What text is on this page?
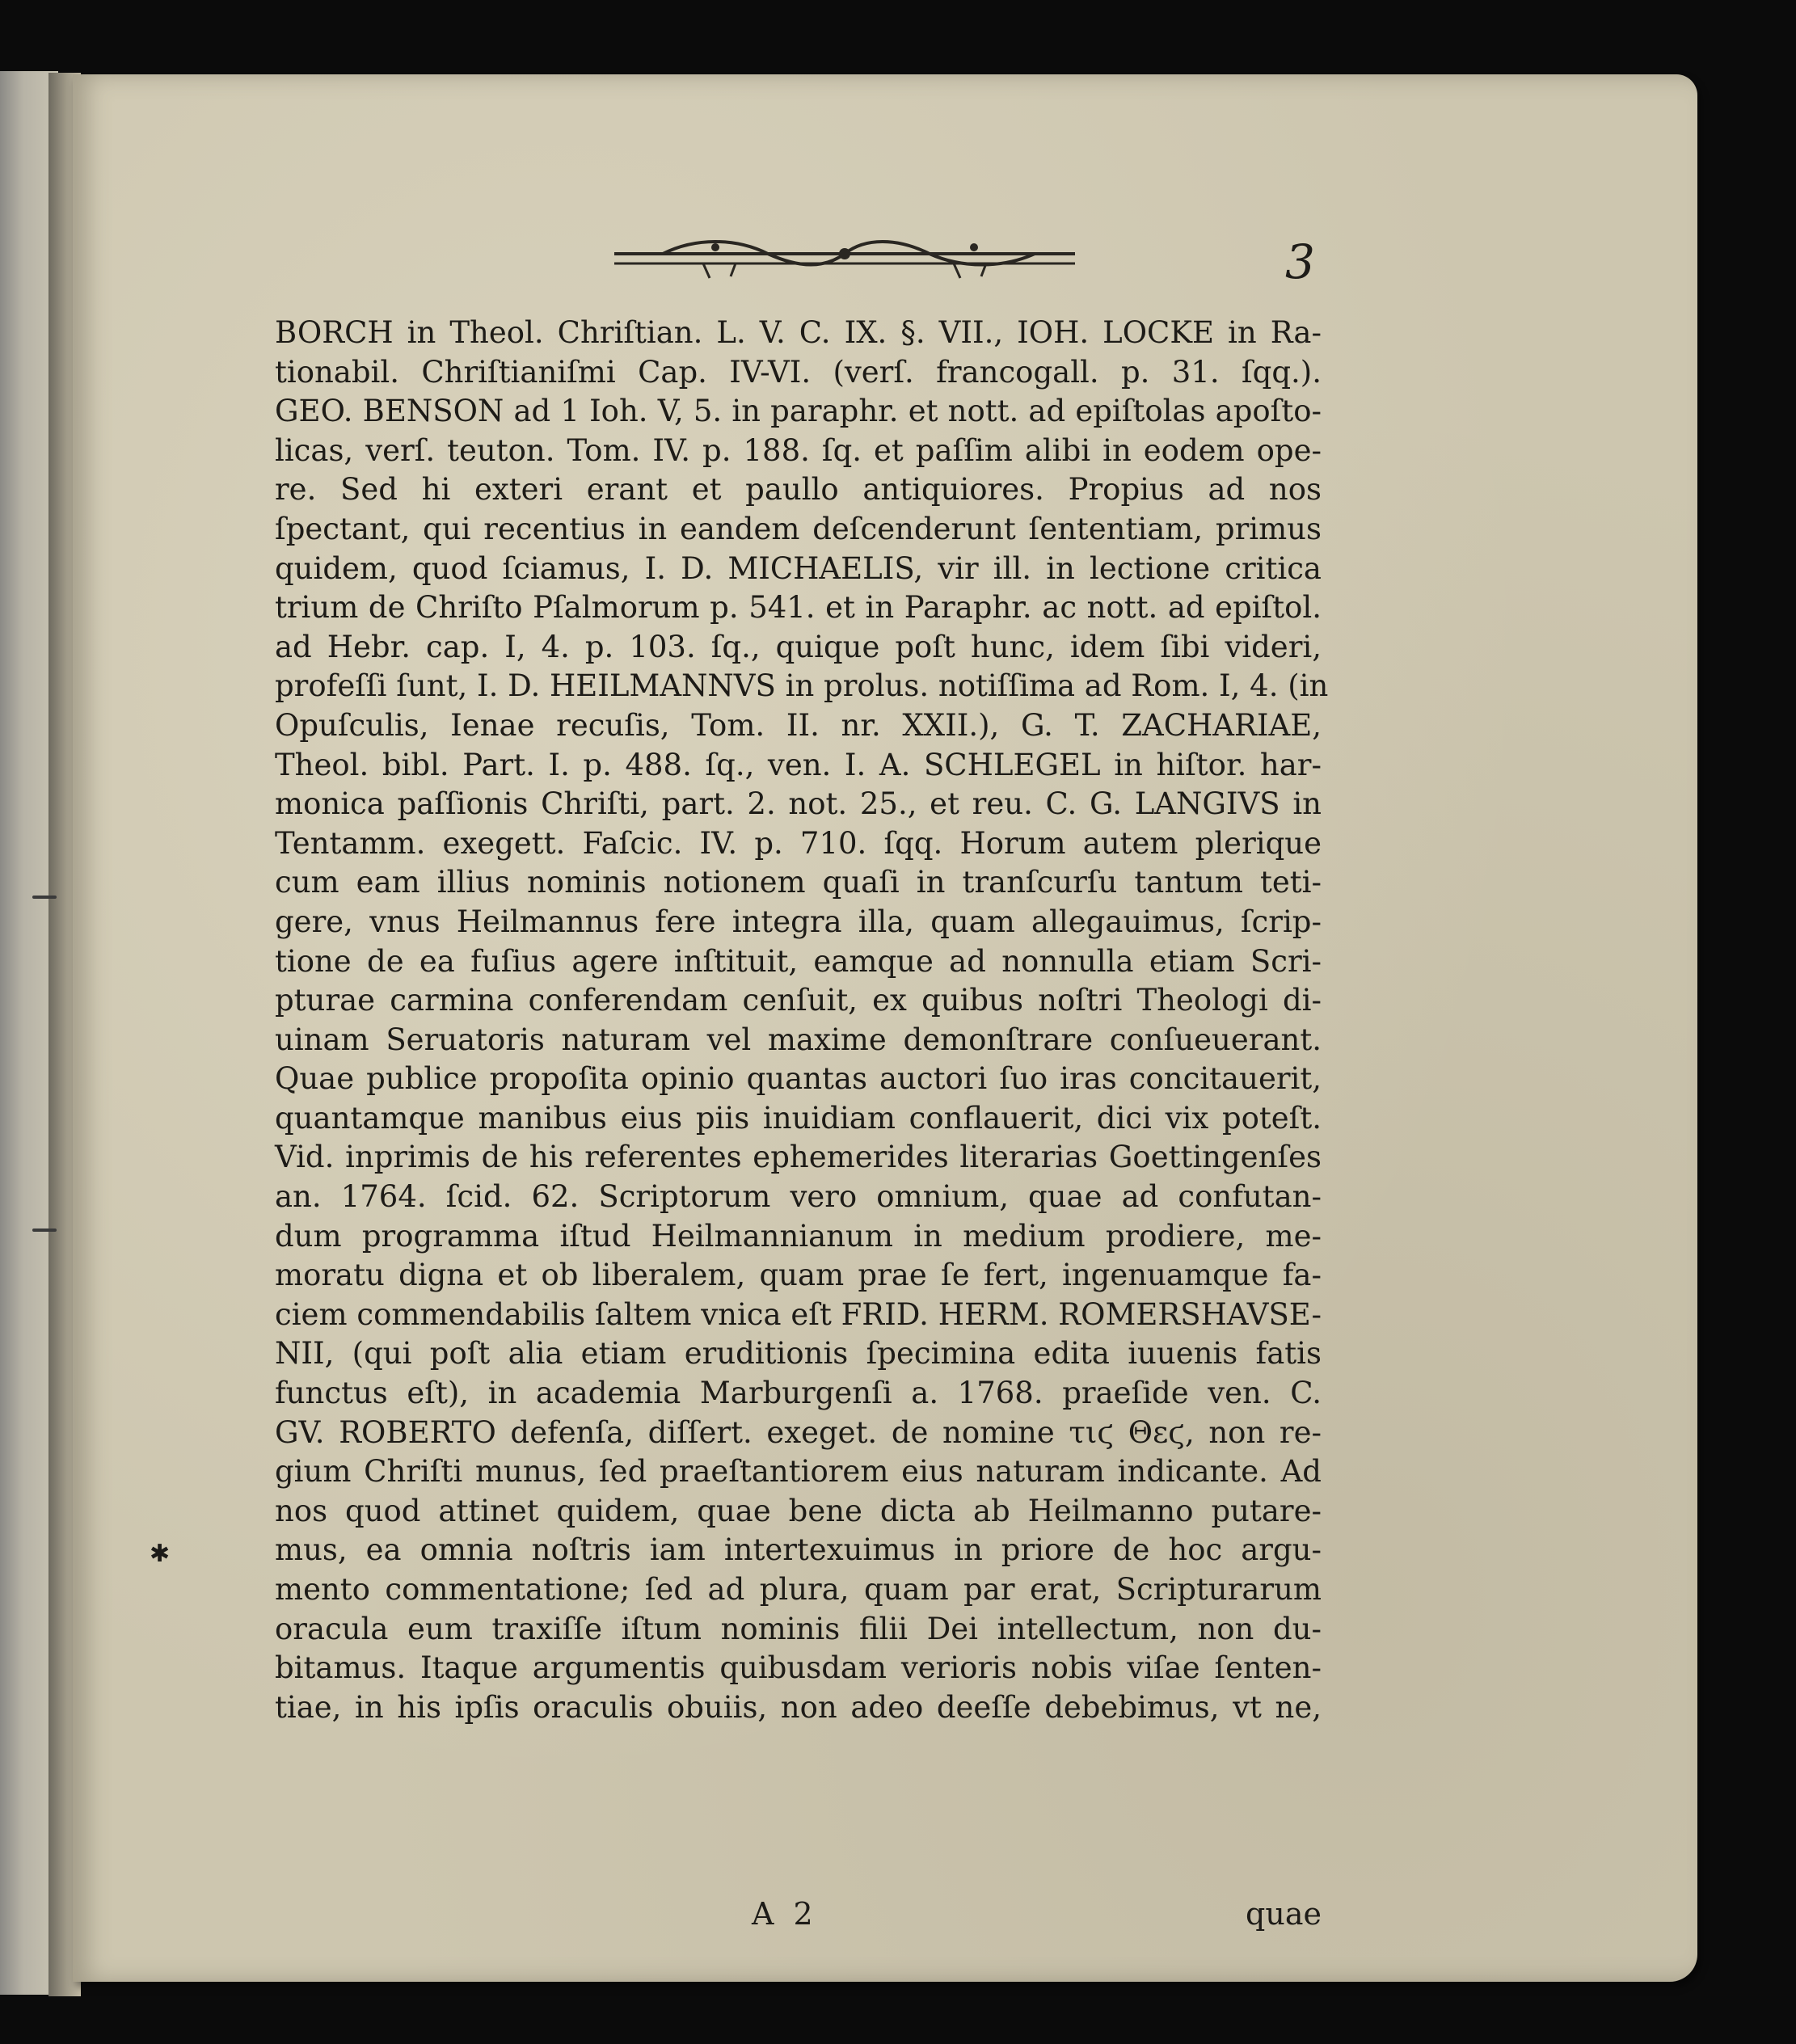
3
BORCH in Theol. Chriſtian. L. V. C. IX. §. VII., IOH. LOCKE in Ra-
tionabil. Chriſtianiſmi Cap. IV-VI. (verſ. francogall. p. 31. ſqq.).
GEO. BENSON ad 1 Ioh. V, 5. in paraphr. et nott. ad epiſtolas apoſto-
licas, verſ. teuton. Tom. IV. p. 188. ſq. et paſſim alibi in eodem ope-
re. Sed hi exteri erant et paullo antiquiores. Propius ad nos
ſpectant, qui recentius in eandem deſcenderunt ſententiam, primus
quidem, quod ſciamus, I. D. MICHAELIS, vir ill. in lectione critica
trium de Chriſto Pſalmorum p. 541. et in Paraphr. ac nott. ad epiſtol.
ad Hebr. cap. I, 4. p. 103. ſq., quique poſt hunc, idem ſibi videri,
profeſſi ſunt, I. D. HEILMANNVS in prolus. notiſſima ad Rom. I, 4. (in
Opuſculis, Ienae recuſis, Tom. II. nr. XXII.), G. T. ZACHARIAE,
Theol. bibl. Part. I. p. 488. ſq., ven. I. A. SCHLEGEL in hiſtor. har-
monica paſſionis Chriſti, part. 2. not. 25., et reu. C. G. LANGIVS in
Tentamm. exegett. Faſcic. IV. p. 710. ſqq. Horum autem plerique
cum eam illius nominis notionem quaſi in tranſcurſu tantum teti-
gere, vnus Heilmannus fere integra illa, quam allegauimus, ſcrip-
tione de ea fuſius agere inſtituit, eamque ad nonnulla etiam Scri-
pturae carmina conferendam cenſuit, ex quibus noſtri Theologi di-
uinam Seruatoris naturam vel maxime demonſtrare conſueuerant.
Quae publice propoſita opinio quantas auctori ſuo iras concitauerit,
quantamque manibus eius piis inuidiam conflauerit, dici vix poteſt.
Vid. inprimis de his referentes ephemerides literarias Goettingenſes
an. 1764. ſcid. 62. Scriptorum vero omnium, quae ad confutan-
dum programma iſtud Heilmannianum in medium prodiere, me-
moratu digna et ob liberalem, quam prae ſe fert, ingenuamque fa-
ciem commendabilis ſaltem vnica eſt FRID. HERM. ROMERSHAVSE-
NII, (qui poſt alia etiam eruditionis ſpecimina edita iuuenis fatis
functus eſt), in academia Marburgenſi a. 1768. praeſide ven. C.
GV. ROBERTO defenſa, diſſert. exeget. de nomine τιϛ Θεϛ, non re-
gium Chriſti munus, ſed praeſtantiorem eius naturam indicante. Ad
nos quod attinet quidem, quae bene dicta ab Heilmanno putare-
mus, ea omnia noſtris iam intertexuimus in priore de hoc argu-
mento commentatione; ſed ad plura, quam par erat, Scripturarum
oracula eum traxiſſe iſtum nominis filii Dei intellectum, non du-
bitamus. Itaque argumentis quibusdam verioris nobis viſae ſenten-
tiae, in his ipſis oraculis obuiis, non adeo deeſſe debebimus, vt ne,
A 2	quae
✱
